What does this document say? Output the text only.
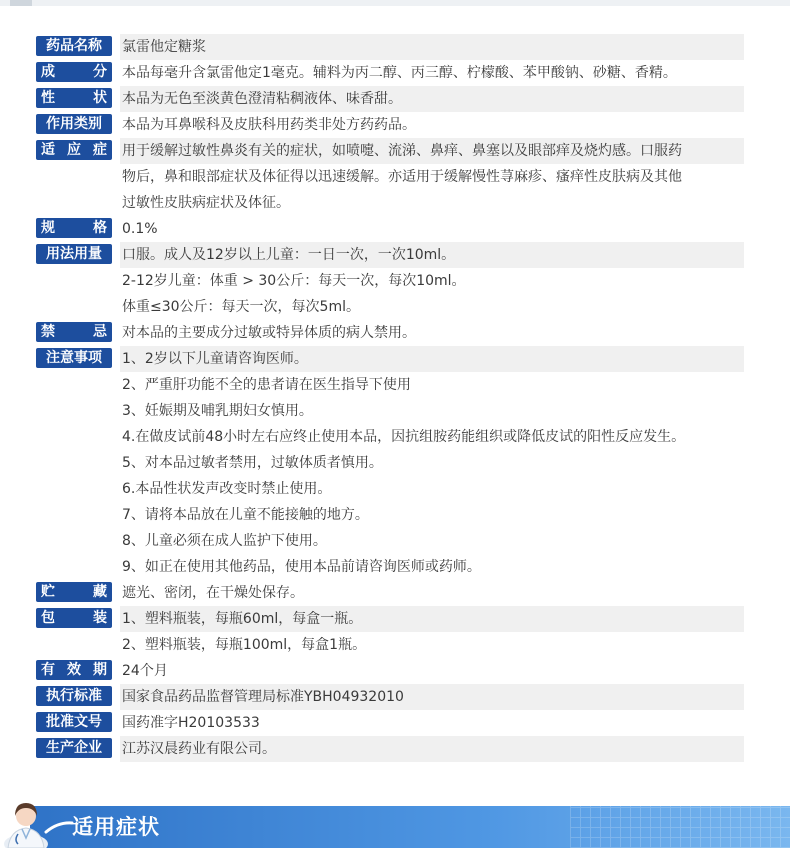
药品名称 氯雷他定糖浆
成	分 本品每毫升含氯雷他定1毫克。辅料为丙二醇、丙三醇、柠檬酸、苯甲酸钠、砂糖、香精。
性	状 本品为无色至淡黄色澄清粘稠液体、味香甜。
作用类别 本品为耳鼻喉科及皮肤科用药类非处方药药品。
适 应 症 用于缓解过敏性鼻炎有关的症状，如喷嚏、流涕、鼻痒、鼻塞以及眼部痒及烧灼感。口服药
物后，鼻和眼部症状及体征得以迅速缓解。亦适用于缓解慢性荨麻疹、瘙痒性皮肤病及其他
过敏性皮肤病症状及体征。
规	格 0.1%
用法用量 口服。成人及12岁以上儿童：一日一次，一次10ml。
2-12岁儿童：体重 > 30公斤：每天一次，每次10ml。
体重≤30公斤：每天一次，每次5ml。
禁	忌 对本品的主要成分过敏或特异体质的病人禁用。
注意事项 1、2岁以下儿童请咨询医师。
2、严重肝功能不全的患者请在医生指导下使用
3、妊娠期及哺乳期妇女慎用。
4.在做皮试前48小时左右应终止使用本品，因抗组胺药能组织或降低皮试的阳性反应发生。
5、对本品过敏者禁用，过敏体质者慎用。
6.本品性状发声改变时禁止使用。
7、请将本品放在儿童不能接触的地方。
8、儿童必须在成人监护下使用。
9、如正在使用其他药品，使用本品前请咨询医师或药师。
贮	藏 遮光、密闭，在干燥处保存。
包	装 1、塑料瓶装，每瓶60ml，每盒一瓶。
2、塑料瓶装，每瓶100ml，每盒1瓶。
有 效 期 24个月
执行标准 国家食品药品监督管理局标准YBH04932010
批准文号 国药准字H20103533
生产企业 江苏汉晨药业有限公司。
适用症状
